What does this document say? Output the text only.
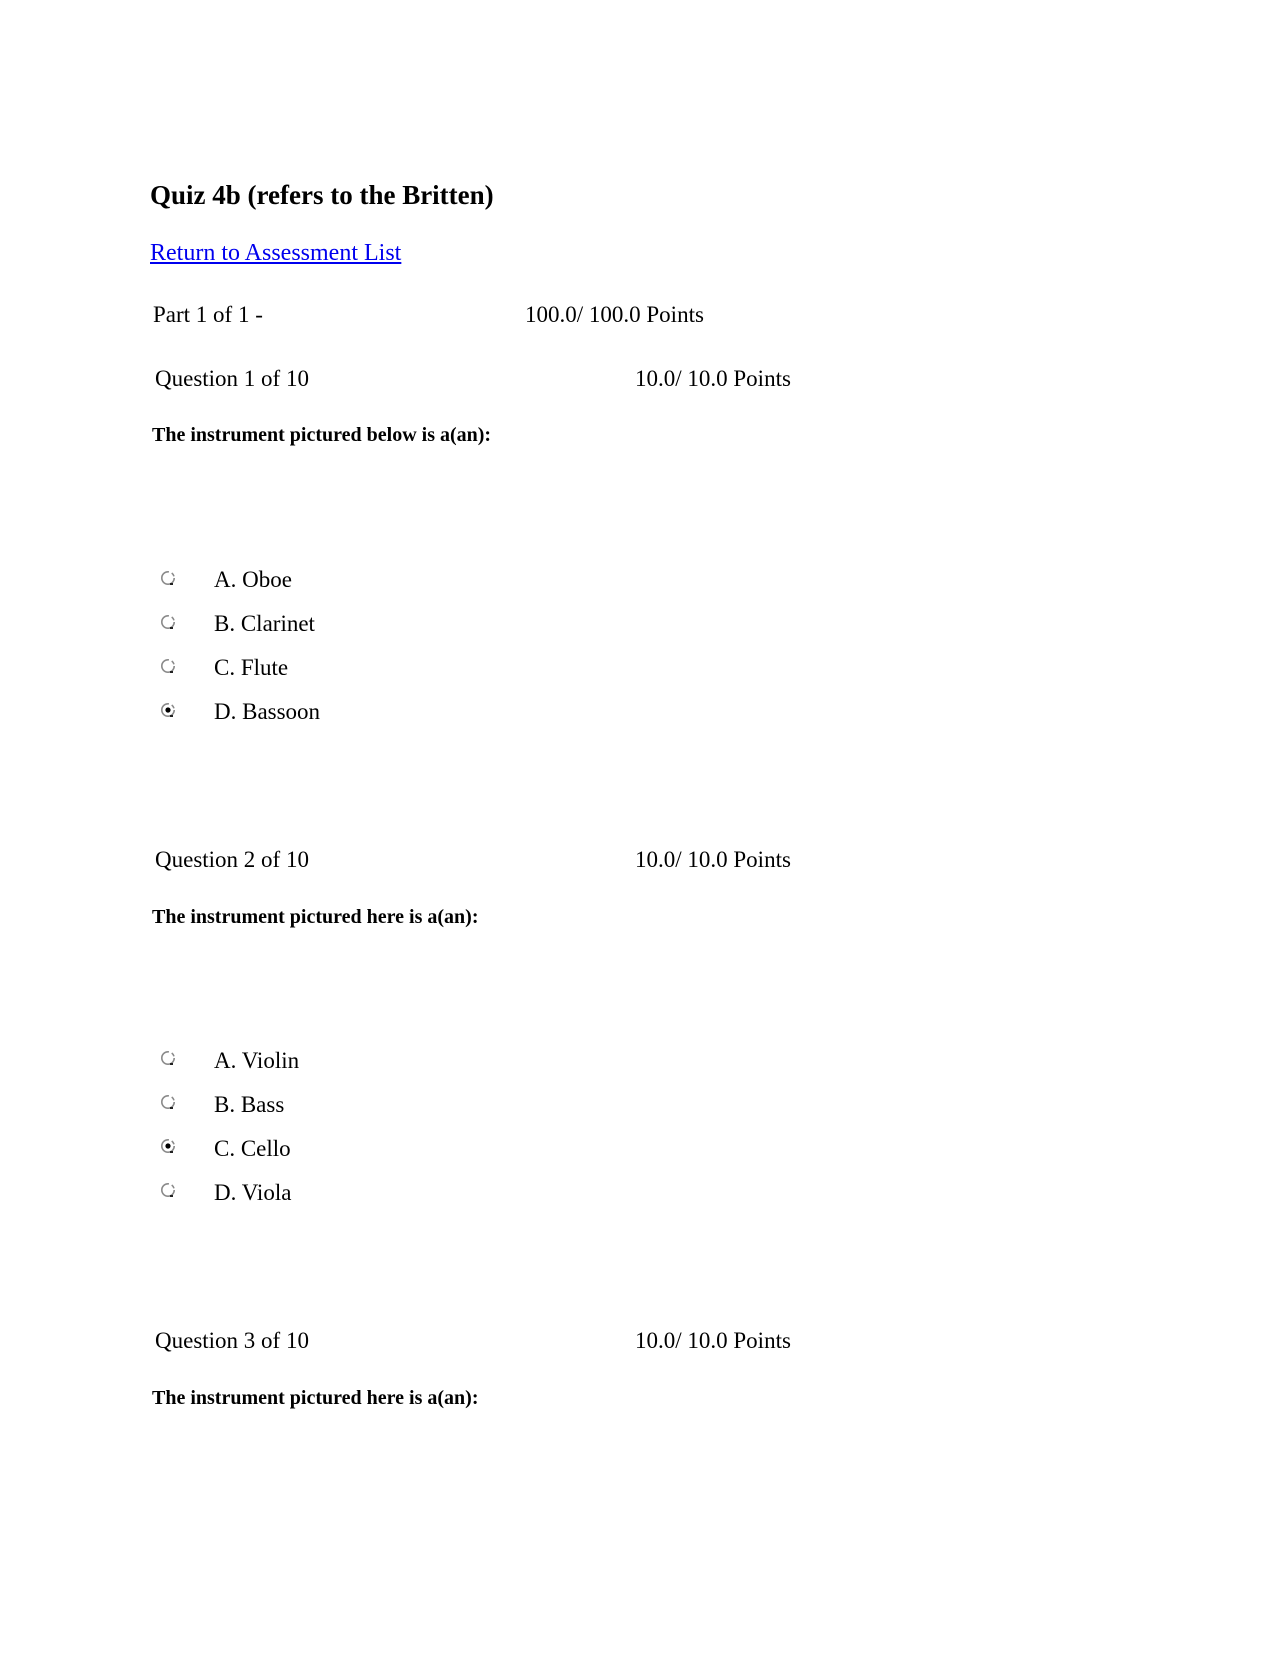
Quiz 4b (refers to the Britten)
Return to Assessment List
Part 1 of 1 -	100.0/ 100.0 Points
Question 1 of 10	10.0/ 10.0 Points
The instrument pictured below is a(an):
A. Oboe
B. Clarinet
C. Flute
D. Bassoon
Question 2 of 10	10.0/ 10.0 Points
The instrument pictured here is a(an):
A. Violin
B. Bass
C. Cello
D. Viola
Question 3 of 10	10.0/ 10.0 Points
The instrument pictured here is a(an):
